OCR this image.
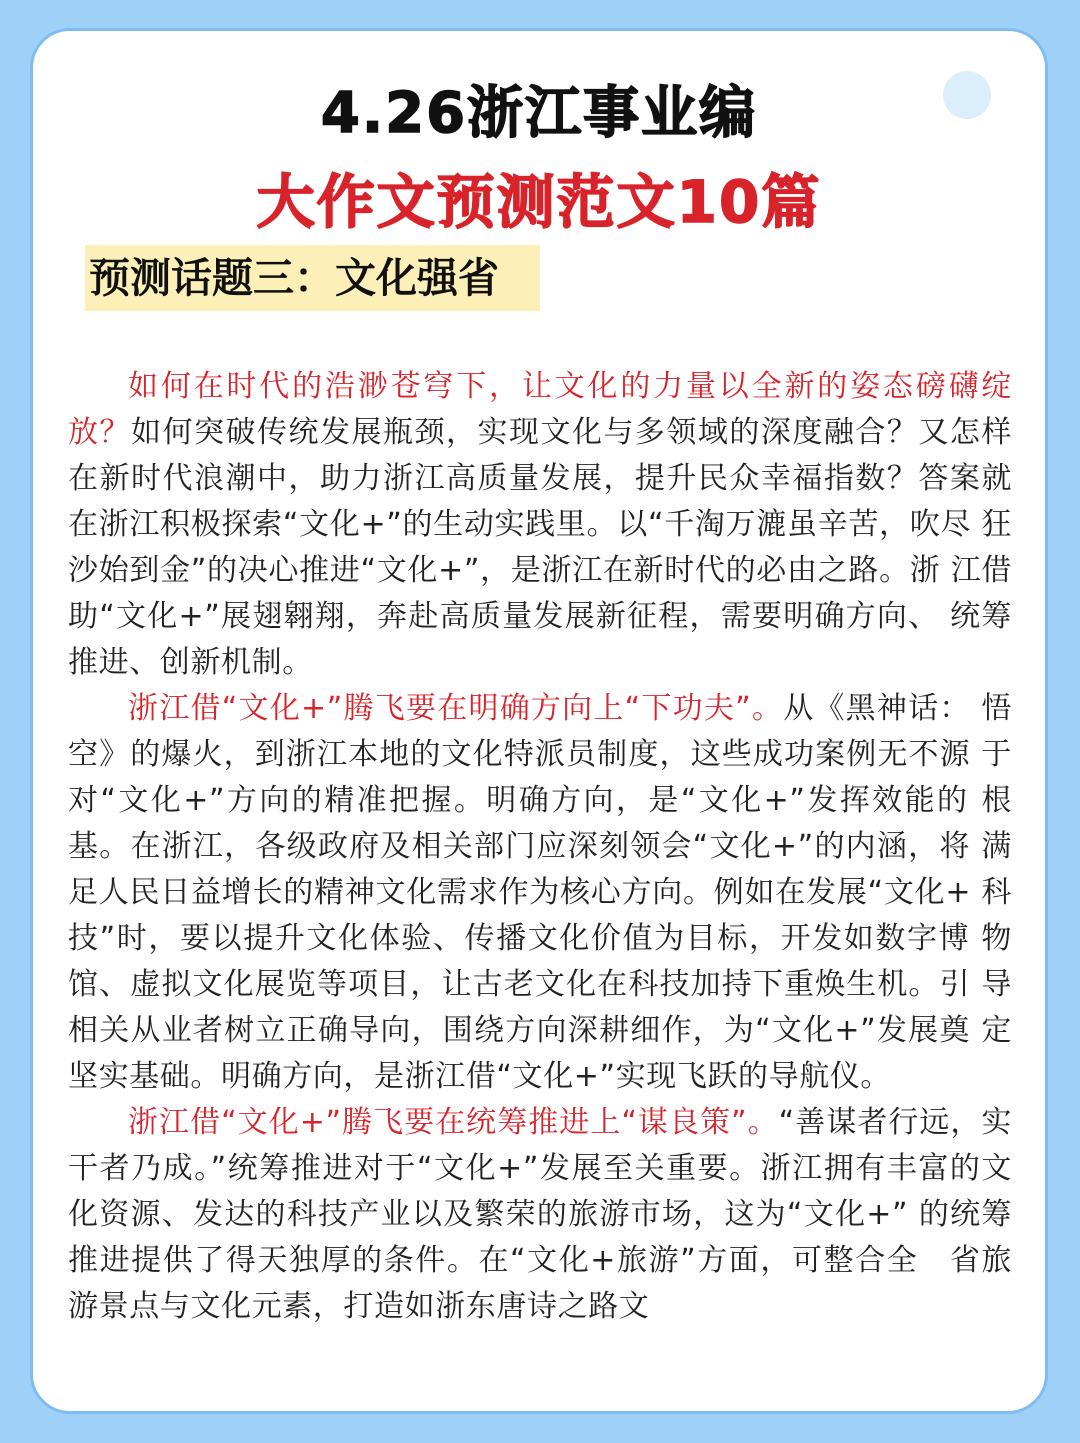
4.26浙江事业编
大作文预测范文10篇
预测话题三：文化强省

如何在时代的浩渺苍穹下，让文化的力量以全新的姿态磅礴绽放？如何突破传统发展瓶颈，实现文化与多领域的深度融合？又怎样 在新时代浪潮中，助力浙江高质量发展，提升民众幸福指数？答案就 在浙江积极探索“文化+”的生动实践里。以“千淘万漉虽辛苦，吹尽 狂沙始到金”的决心推进“文化+”，是浙江在新时代的必由之路。浙 江借助“文化+”展翅翱翔，奔赴高质量发展新征程，需要明确方向、 统筹推进、创新机制。

浙江借“文化+”腾飞要在明确方向上“下功夫”。从《黑神话： 悟空》的爆火，到浙江本地的文化特派员制度，这些成功案例无不源 于对“文化+”方向的精准把握。明确方向，是“文化+”发挥效能的 根基。在浙江，各级政府及相关部门应深刻领会“文化+”的内涵，将 满足人民日益增长的精神文化需求作为核心方向。例如在发展“文化+ 科技”时，要以提升文化体验、传播文化价值为目标，开发如数字博 物馆、虚拟文化展览等项目，让古老文化在科技加持下重焕生机。引 导相关从业者树立正确导向，围绕方向深耕细作，为“文化+”发展奠 定坚实基础。明确方向，是浙江借“文化+”实现飞跃的导航仪。

浙江借“文化+”腾飞要在统筹推进上“谋良策”。“善谋者行远，实干者乃成。”统筹推进对于“文化+”发展至关重要。浙江拥有丰富的文化资源、发达的科技产业以及繁荣的旅游市场，这为“文化+” 的统筹推进提供了得天独厚的条件。在“文化+旅游”方面，可整合全　省旅游景点与文化元素，打造如浙东唐诗之路文
